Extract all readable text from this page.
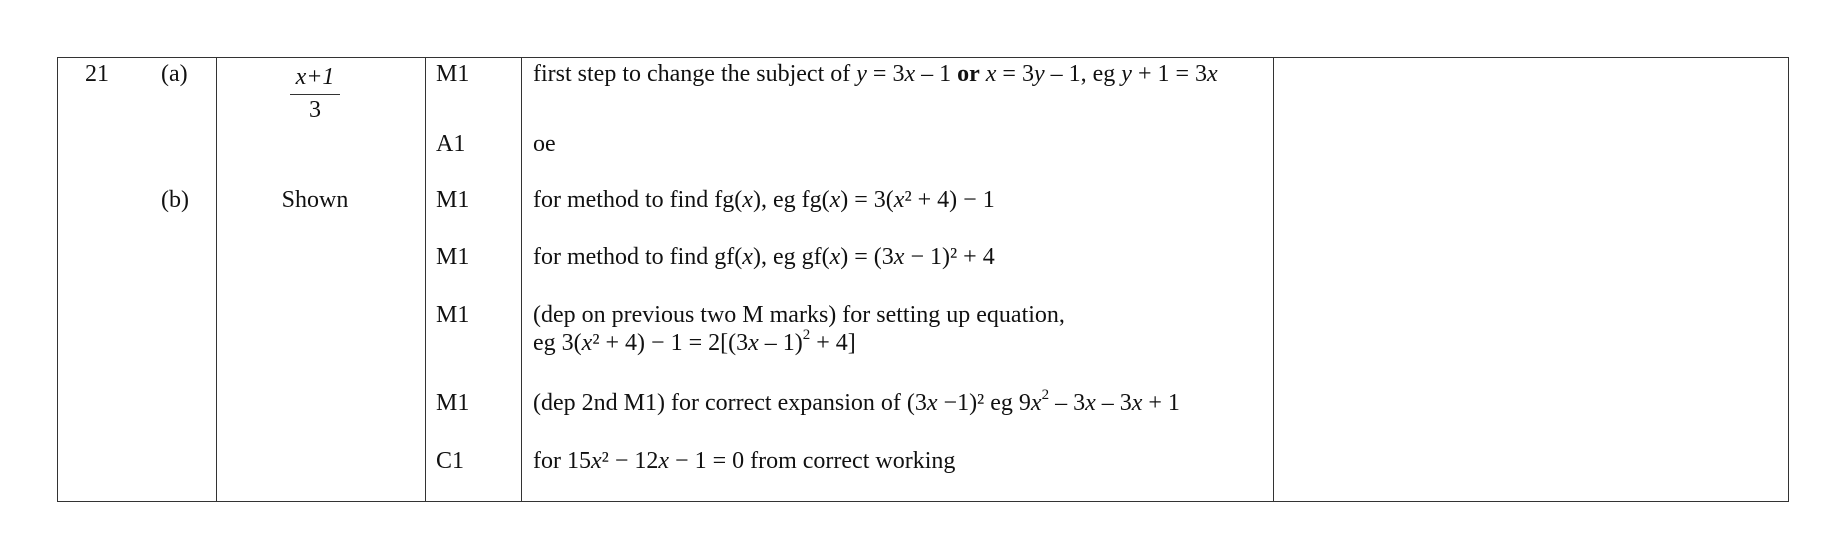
21 (a)
(b)
$\frac{x+1}{3}$
Shown
M1
A1
M1
M1
M1
M1
C1
first step to change the subject of y = 3x – 1 or x = 3y – 1, eg y + 1 = 3x
oe
for method to find fg(x), eg fg(x) = 3(x² + 4) − 1
for method to find gf(x), eg gf(x) = (3x − 1)² + 4
(dep on previous two M marks) for setting up equation,
eg 3(x² + 4) − 1 = 2[(3x – 1)$^2$ + 4]
(dep 2nd M1) for correct expansion of (3x −1)² eg $9x^2 - 3x - 3x + 1$
for 15x² − 12x − 1 = 0 from correct working
